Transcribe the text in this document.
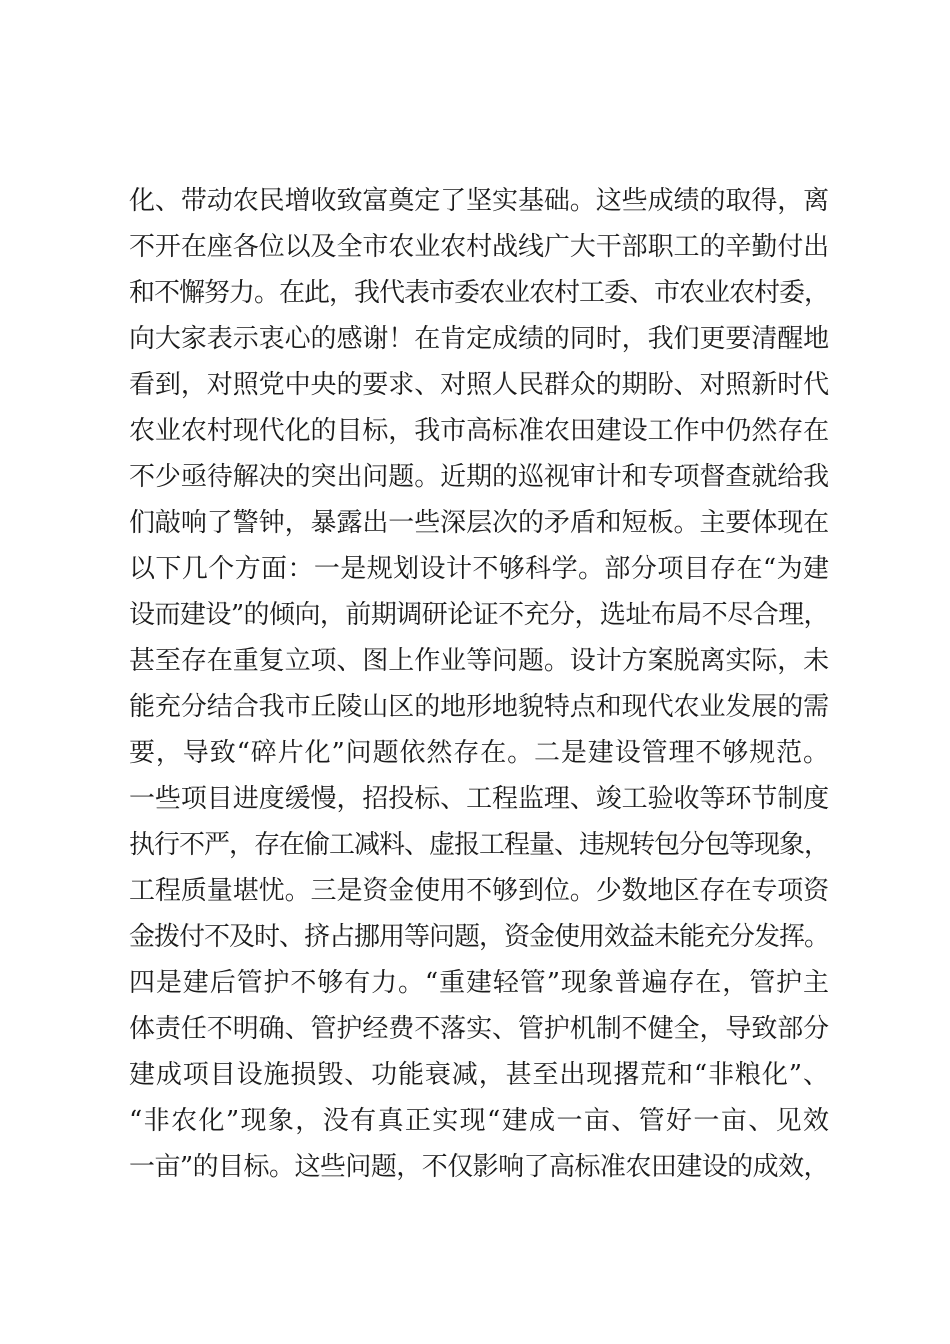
化、带动农民增收致富奠定了坚实基础。这些成绩的取得，离
不开在座各位以及全市农业农村战线广大干部职工的辛勤付出
和不懈努力。在此，我代表市委农业农村工委、市农业农村委，
向大家表示衷心的感谢！在肯定成绩的同时，我们更要清醒地
看到，对照党中央的要求、对照人民群众的期盼、对照新时代
农业农村现代化的目标，我市高标准农田建设工作中仍然存在
不少亟待解决的突出问题。近期的巡视审计和专项督查就给我
们敲响了警钟，暴露出一些深层次的矛盾和短板。主要体现在
以下几个方面：一是规划设计不够科学。部分项目存在“为建
设而建设”的倾向，前期调研论证不充分，选址布局不尽合理，
甚至存在重复立项、图上作业等问题。设计方案脱离实际，未
能充分结合我市丘陵山区的地形地貌特点和现代农业发展的需
要，导致“碎片化”问题依然存在。二是建设管理不够规范。
一些项目进度缓慢，招投标、工程监理、竣工验收等环节制度
执行不严，存在偷工减料、虚报工程量、违规转包分包等现象，
工程质量堪忧。三是资金使用不够到位。少数地区存在专项资
金拨付不及时、挤占挪用等问题，资金使用效益未能充分发挥。
四是建后管护不够有力。“重建轻管”现象普遍存在，管护主
体责任不明确、管护经费不落实、管护机制不健全，导致部分
建成项目设施损毁、功能衰减，甚至出现撂荒和“非粮化”、
“非农化”现象，没有真正实现“建成一亩、管好一亩、见效
一亩”的目标。这些问题，不仅影响了高标准农田建设的成效，
